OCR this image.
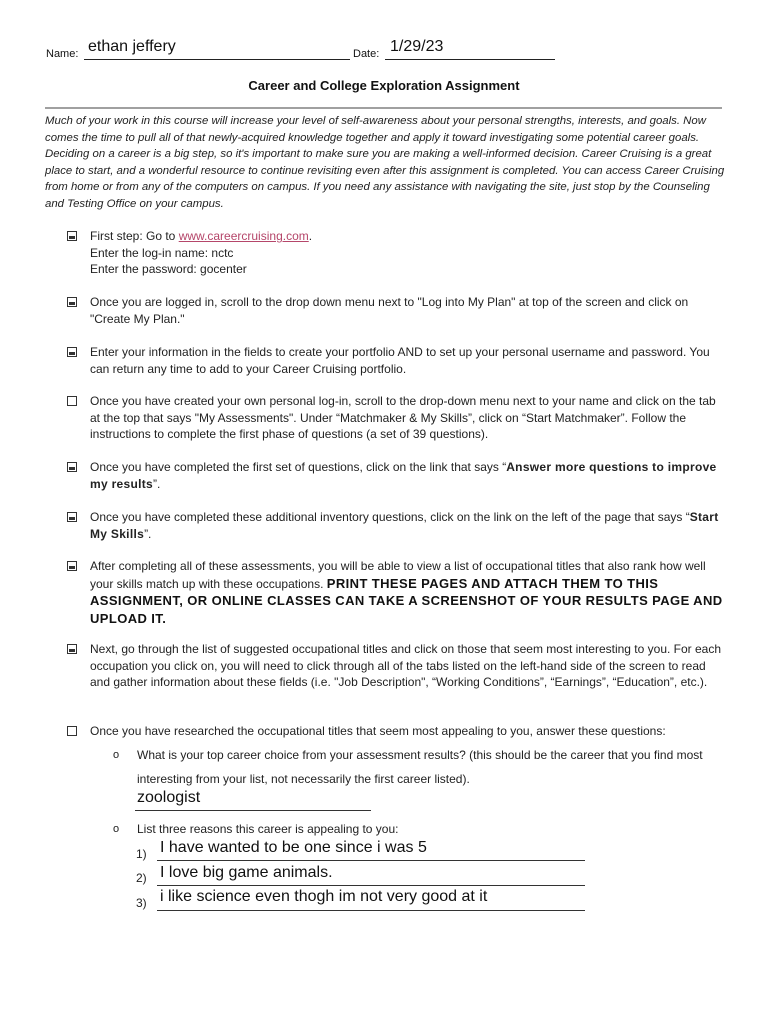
Name: ethan jeffery	Date: 1/29/23
Career and College Exploration Assignment
Much of your work in this course will increase your level of self-awareness about your personal strengths, interests, and goals. Now comes the time to pull all of that newly-acquired knowledge together and apply it toward investigating some potential career goals. Deciding on a career is a big step, so it's important to make sure you are making a well-informed decision. Career Cruising is a great place to start, and a wonderful resource to continue revisiting even after this assignment is completed. You can access Career Cruising from home or from any of the computers on campus. If you need any assistance with navigating the site, just stop by the Counseling and Testing Office on your campus.
First step: Go to www.careercruising.com.
Enter the log-in name: nctc
Enter the password: gocenter
Once you are logged in, scroll to the drop down menu next to "Log into My Plan" at top of the screen and click on "Create My Plan."
Enter your information in the fields to create your portfolio AND to set up your personal username and password. You can return any time to add to your Career Cruising portfolio.
Once you have created your own personal log-in, scroll to the drop-down menu next to your name and click on the tab at the top that says "My Assessments". Under “Matchmaker & My Skills”, click on “Start Matchmaker”. Follow the instructions to complete the first phase of questions (a set of 39 questions).
Once you have completed the first set of questions, click on the link that says “Answer more questions to improve my results”.
Once you have completed these additional inventory questions, click on the link on the left of the page that says “Start My Skills”.
After completing all of these assessments, you will be able to view a list of occupational titles that also rank how well your skills match up with these occupations. PRINT THESE PAGES AND ATTACH THEM TO THIS ASSIGNMENT, OR ONLINE CLASSES CAN TAKE A SCREENSHOT OF YOUR RESULTS PAGE AND UPLOAD IT.
Next, go through the list of suggested occupational titles and click on those that seem most interesting to you. For each occupation you click on, you will need to click through all of the tabs listed on the left-hand side of the screen to read and gather information about these fields (i.e. "Job Description", “Working Conditions”, “Earnings”, “Education”, etc.).
Once you have researched the occupational titles that seem most appealing to you, answer these questions:
o What is your top career choice from your assessment results? (this should be the career that you find most interesting from your list, not necessarily the first career listed).
zoologist
o List three reasons this career is appealing to you:
1) I have wanted to be one since i was 5
2) I love big game animals.
3) i like science even thogh im not very good at it
